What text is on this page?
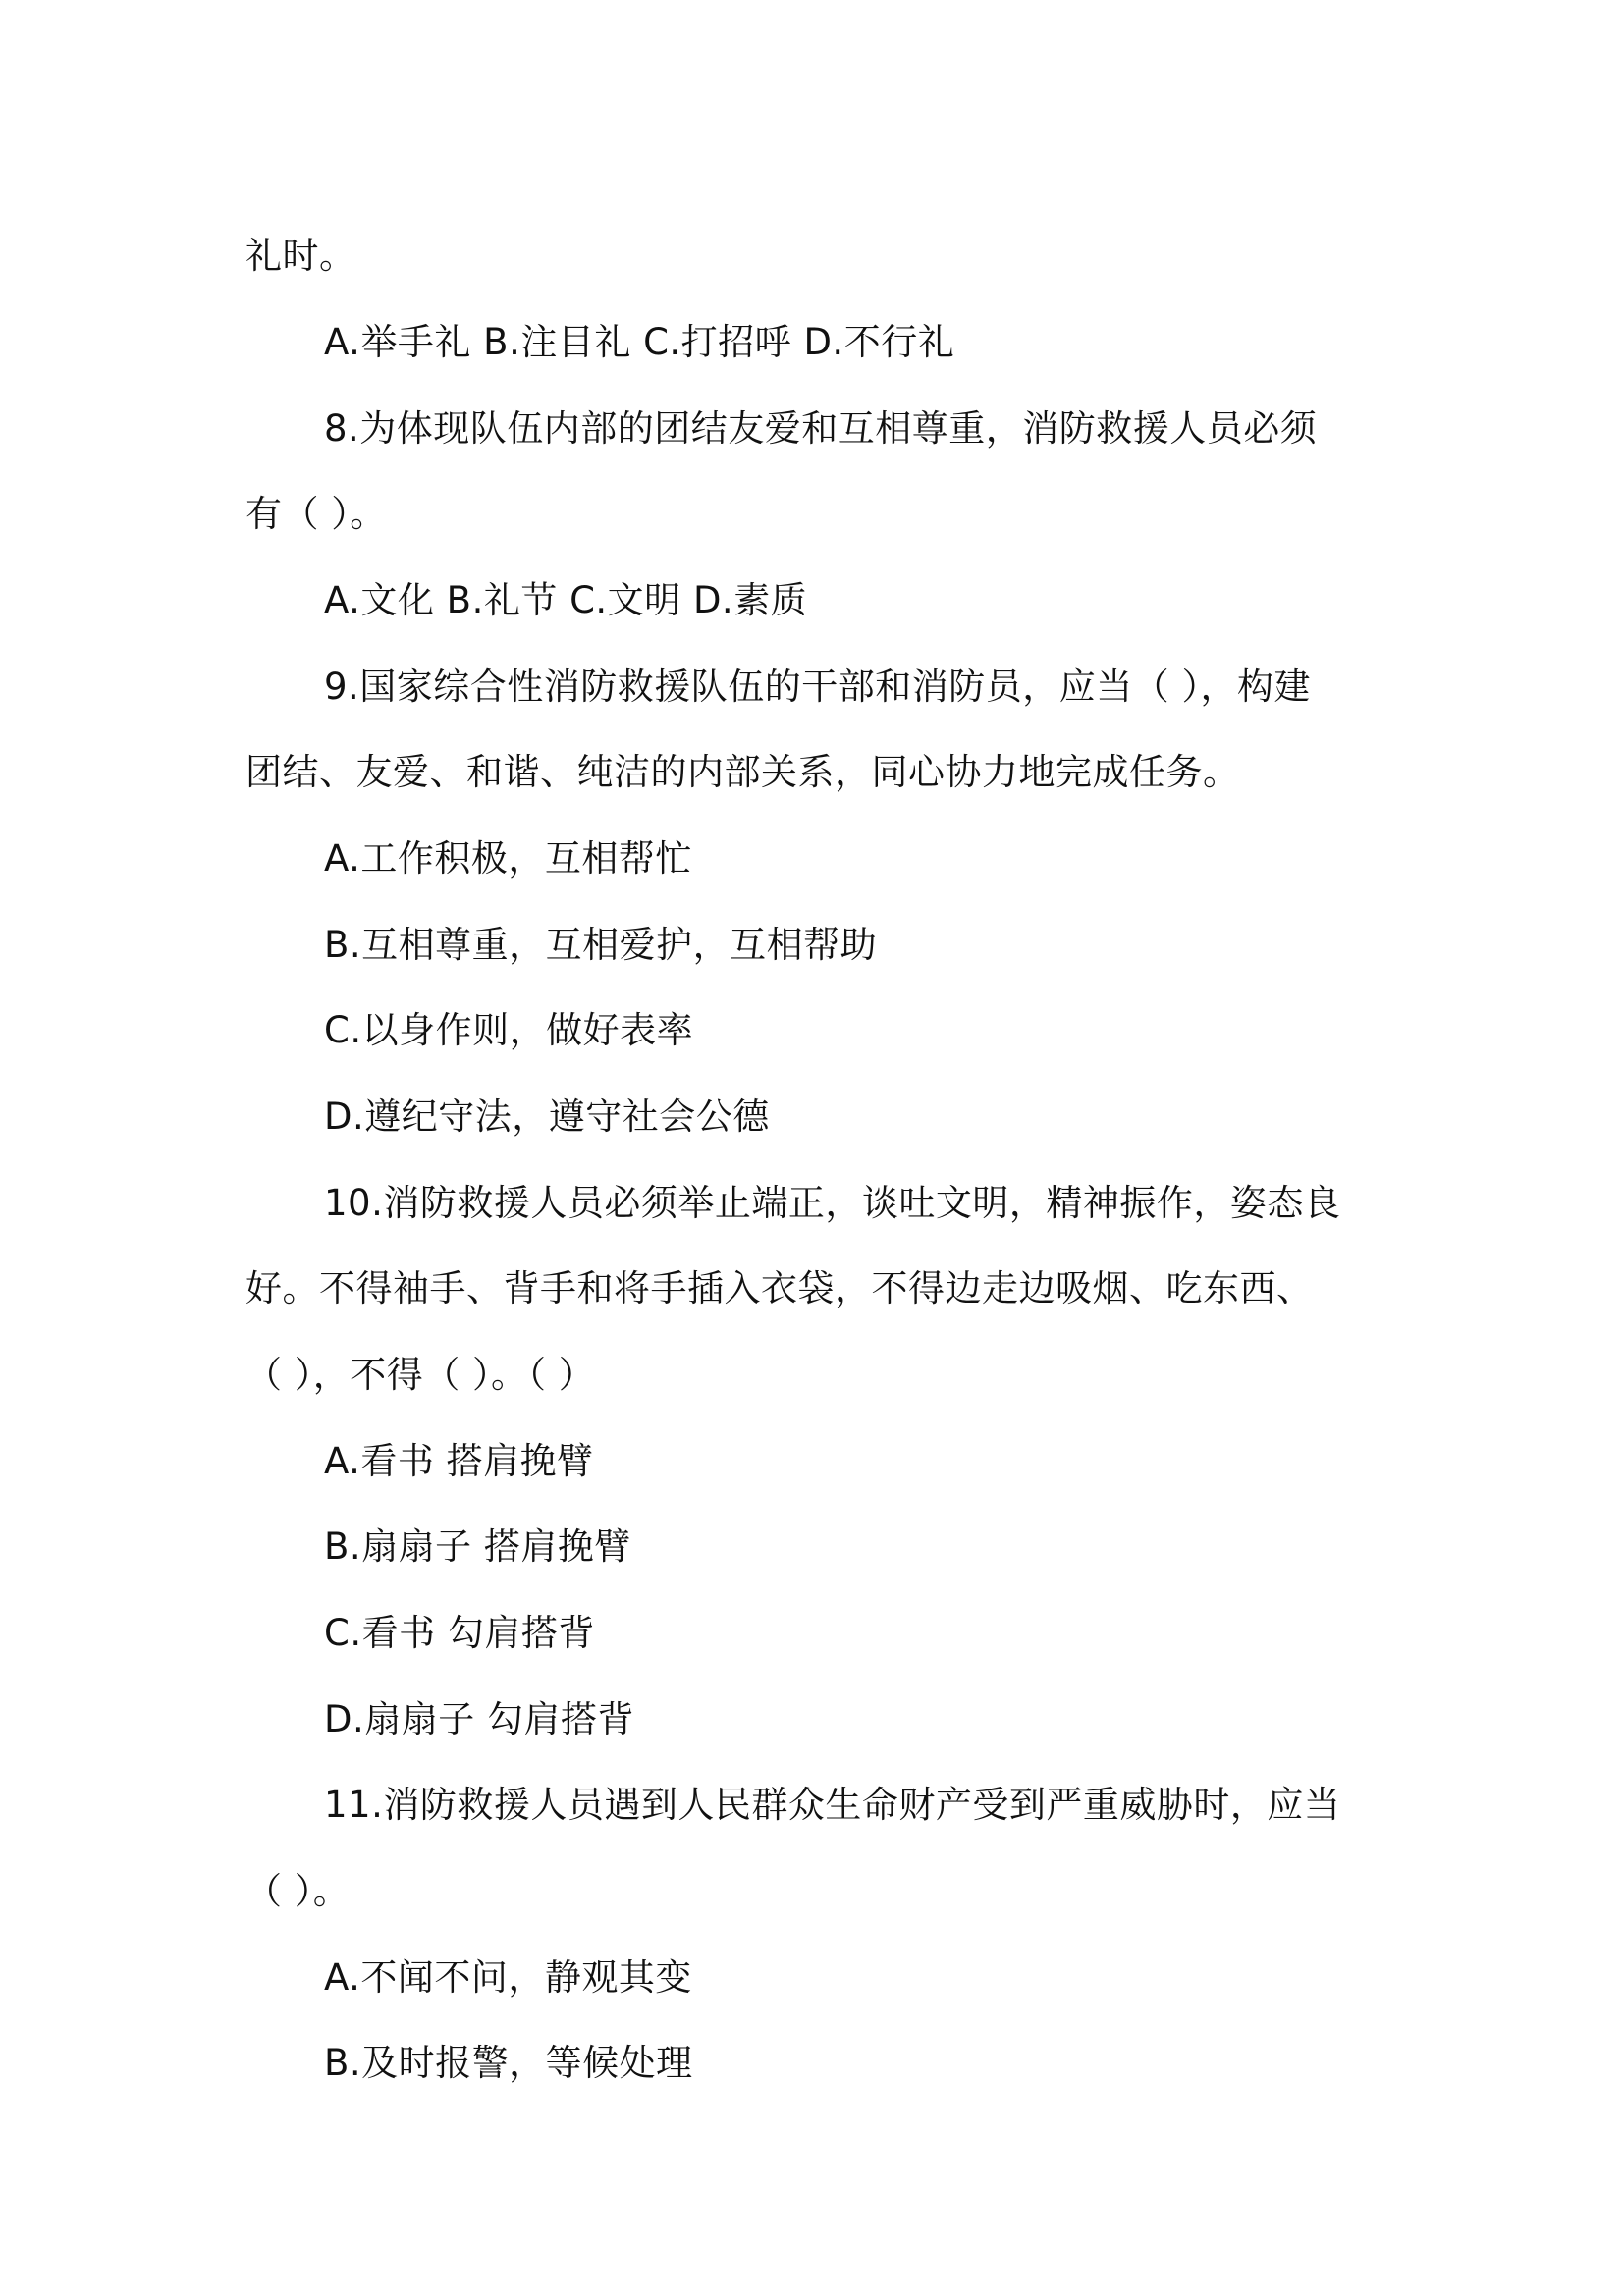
礼时。
A.举手礼 B.注目礼 C.打招呼 D.不行礼
8.为体现队伍内部的团结友爱和互相尊重，消防救援人员必须
有（ ）。
A.文化 B.礼节 C.文明 D.素质
9.国家综合性消防救援队伍的干部和消防员，应当（ ），构建
团结、友爱、和谐、纯洁的内部关系，同心协力地完成任务。
A.工作积极，互相帮忙
B.互相尊重，互相爱护，互相帮助
C.以身作则，做好表率
D.遵纪守法，遵守社会公德
10.消防救援人员必须举止端正，谈吐文明，精神振作，姿态良
好。不得袖手、背手和将手插入衣袋，不得边走边吸烟、吃东西、
（ ），不得（ ）。（ ）
A.看书 搭肩挽臂
B.扇扇子 搭肩挽臂
C.看书 勾肩搭背
D.扇扇子 勾肩搭背
11.消防救援人员遇到人民群众生命财产受到严重威胁时，应当
（ ）。
A.不闻不问，静观其变
B.及时报警，等候处理
